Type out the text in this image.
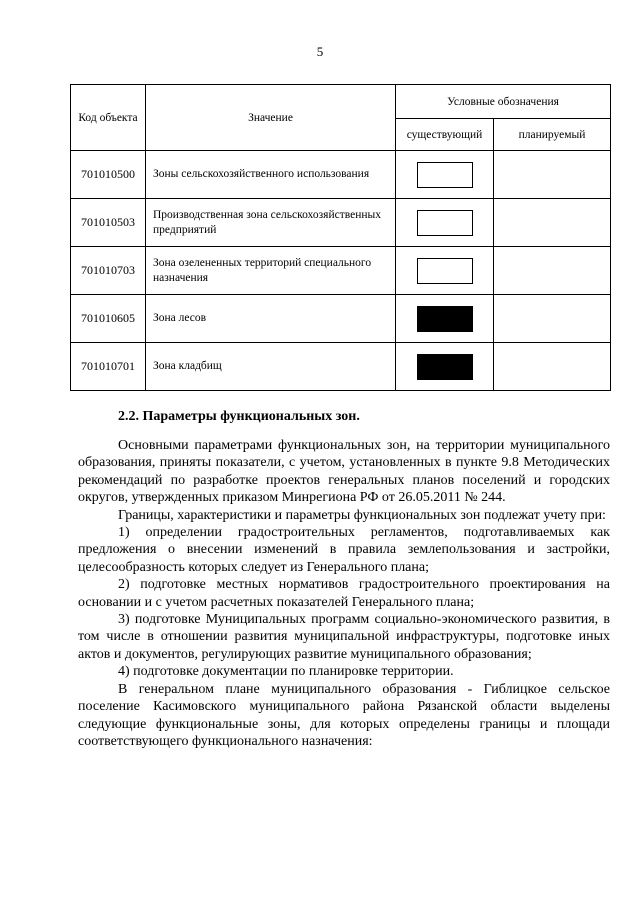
5
Код объекта	Значение	Условные обозначения	
		существующий	планируемый
701010500	Зоны сельскохозяйственного использования		
701010503	Производственная зона сельскохозяйственных предприятий		
701010703	Зона озелененных территорий специального назначения		
701010605	Зона лесов		
701010701	Зона кладбищ		
2.2. Параметры функциональных зон.

Основными параметрами функциональных зон, на территории муниципального образования, приняты показатели, с учетом, установленных в пункте 9.8 Методических рекомендаций по разработке проектов генеральных планов поселений и городских округов, утвержденных приказом Минрегиона РФ от 26.05.2011 № 244.

Границы, характеристики и параметры функциональных зон подлежат учету при:

1) определении градостроительных регламентов, подготавливаемых как предложения о внесении изменений в правила землепользования и застройки, целесообразность которых следует из Генерального плана;

2) подготовке местных нормативов градостроительного проектирования на основании и с учетом расчетных показателей Генерального плана;

3) подготовке Муниципальных программ социально-экономического развития, в том числе в отношении развития муниципальной инфраструктуры, подготовке иных актов и документов, регулирующих развитие муниципального образования;

4) подготовке документации по планировке территории.

В генеральном плане муниципального образования - Гиблицкое сельское поселение Касимовского муниципального района Рязанской области выделены следующие функциональные зоны, для которых определены границы и площади соответствующего функционального назначения:
